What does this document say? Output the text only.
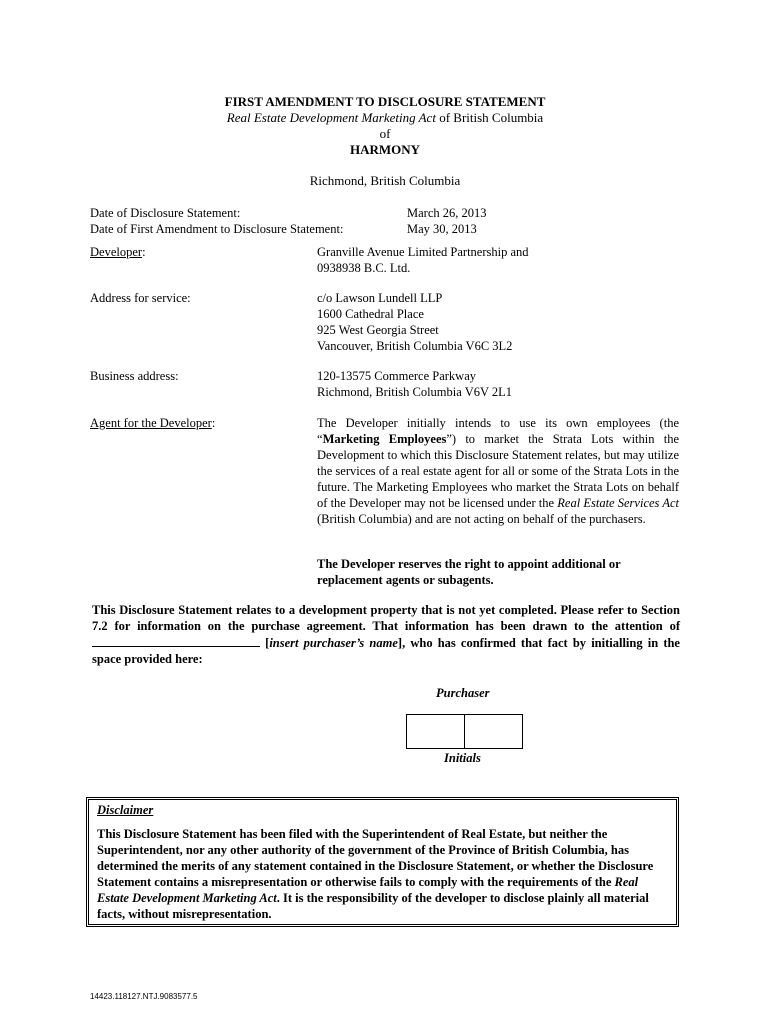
FIRST AMENDMENT TO DISCLOSURE STATEMENT
Real Estate Development Marketing Act of British Columbia
of
HARMONY
Richmond, British Columbia
Date of Disclosure Statement:	March 26, 2013
Date of First Amendment to Disclosure Statement:	May 30, 2013
Developer:	Granville Avenue Limited Partnership and
0938938 B.C. Ltd.
Address for service:	c/o Lawson Lundell LLP
1600 Cathedral Place
925 West Georgia Street
Vancouver, British Columbia V6C 3L2
Business address:	120-13575 Commerce Parkway
Richmond, British Columbia V6V 2L1
Agent for the Developer:	The Developer initially intends to use its own employees (the “Marketing Employees”) to market the Strata Lots within the Development to which this Disclosure Statement relates, but may utilize the services of a real estate agent for all or some of the Strata Lots in the future. The Marketing Employees who market the Strata Lots on behalf of the Developer may not be licensed under the Real Estate Services Act (British Columbia) and are not acting on behalf of the purchasers.
The Developer reserves the right to appoint additional or replacement agents or subagents.
This Disclosure Statement relates to a development property that is not yet completed. Please refer to Section 7.2 for information on the purchase agreement. That information has been drawn to the attention of  [insert purchaser’s name], who has confirmed that fact by initialling in the space provided here:
Purchaser
Initials
Disclaimer
This Disclosure Statement has been filed with the Superintendent of Real Estate, but neither the Superintendent, nor any other authority of the government of the Province of British Columbia, has determined the merits of any statement contained in the Disclosure Statement, or whether the Disclosure Statement contains a misrepresentation or otherwise fails to comply with the requirements of the Real Estate Development Marketing Act. It is the responsibility of the developer to disclose plainly all material facts, without misrepresentation.
14423.118127.NTJ.9083577.5
